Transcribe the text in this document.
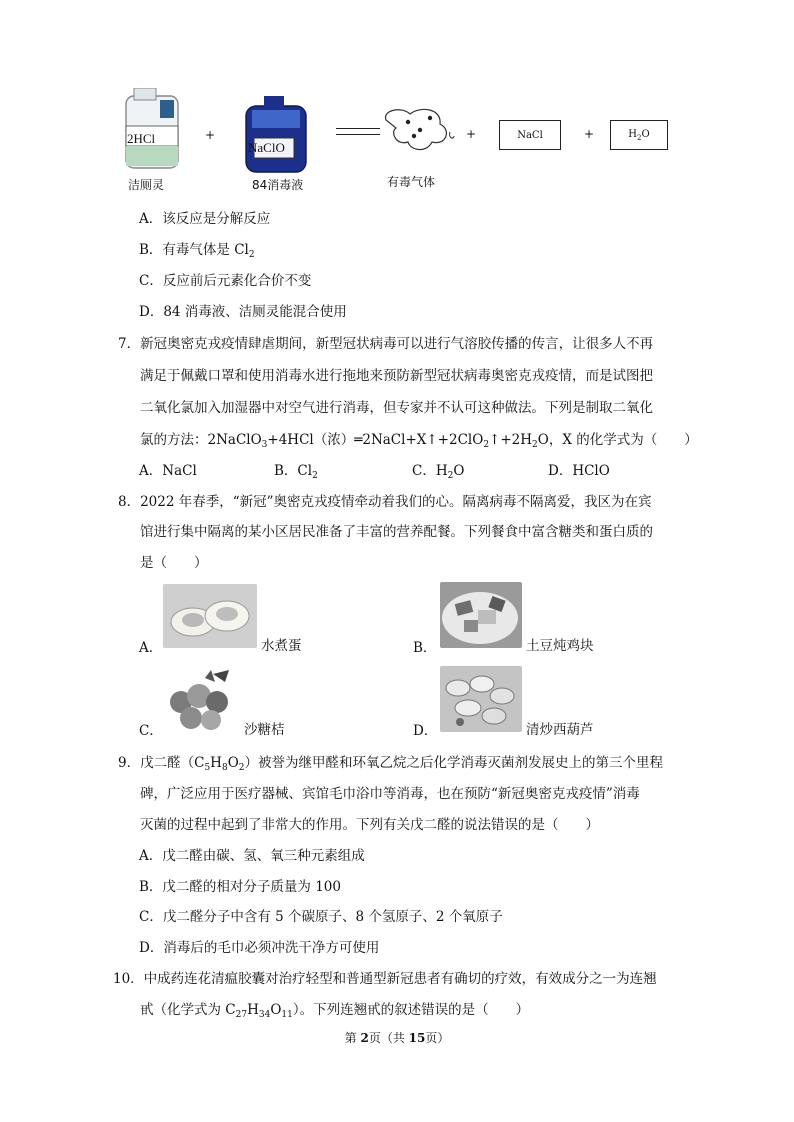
2HCl
洁厕灵
+
NaClO
84消毒液	有毒气体
+	NaCl	+	$H_2O$
A．该反应是分解反应
B．有毒气体是 $Cl_2$
C．反应前后元素化合价不变
D．84 消毒液、洁厕灵能混合使用
7．新冠奥密克戎疫情肆虐期间，新型冠状病毒可以进行气溶胶传播的传言，让很多人不再
满足于佩戴口罩和使用消毒水进行拖地来预防新型冠状病毒奥密克戎疫情，而是试图把
二氧化氯加入加湿器中对空气进行消毒，但专家并不认可这种做法。下列是制取二氧化
氯的方法：2NaClO$_3$+4HCl（浓）$═2NaCl+X↑+2ClO_2↑+2H_2O$，X 的化学式为（　　）
A．NaCl	B．$Cl_2$	C．$H_2O$	D．HClO
8．2022 年春季，“新冠”奥密克戎疫情牵动着我们的心。隔离病毒不隔离爱，我区为在宾
馆进行集中隔离的某小区居民准备了丰富的营养配餐。下列餐食中富含糖类和蛋白质的
是（　　）
A．	水煮蛋	B．	土豆炖鸡块
C．	沙糖桔	D．	清炒西葫芦
9．戊二醛$(C_5H_8O_2)$被誉为继甲醛和环氧乙烷之后化学消毒灭菌剂发展史上的第三个里程
碑，广泛应用于医疗器械、宾馆毛巾浴巾等消毒，也在预防“新冠奥密克戎疫情”消毒
灭菌的过程中起到了非常大的作用。下列有关戊二醛的说法错误的是（　　）
A．戊二醛由碳、氢、氧三种元素组成
B．戊二醛的相对分子质量为 100
C．戊二醛分子中含有 5 个碳原子、8 个氢原子、2 个氧原子
D．消毒后的毛巾必须冲洗干净方可使用
10．中成药连花清瘟胶囊对治疗轻型和普通型新冠患者有确切的疗效，有效成分之一为连翘
甙（化学式为 $C_{27}H_{34}O_{11}$）。下列连翘甙的叙述错误的是（　　）
第 2页（共 15页）
